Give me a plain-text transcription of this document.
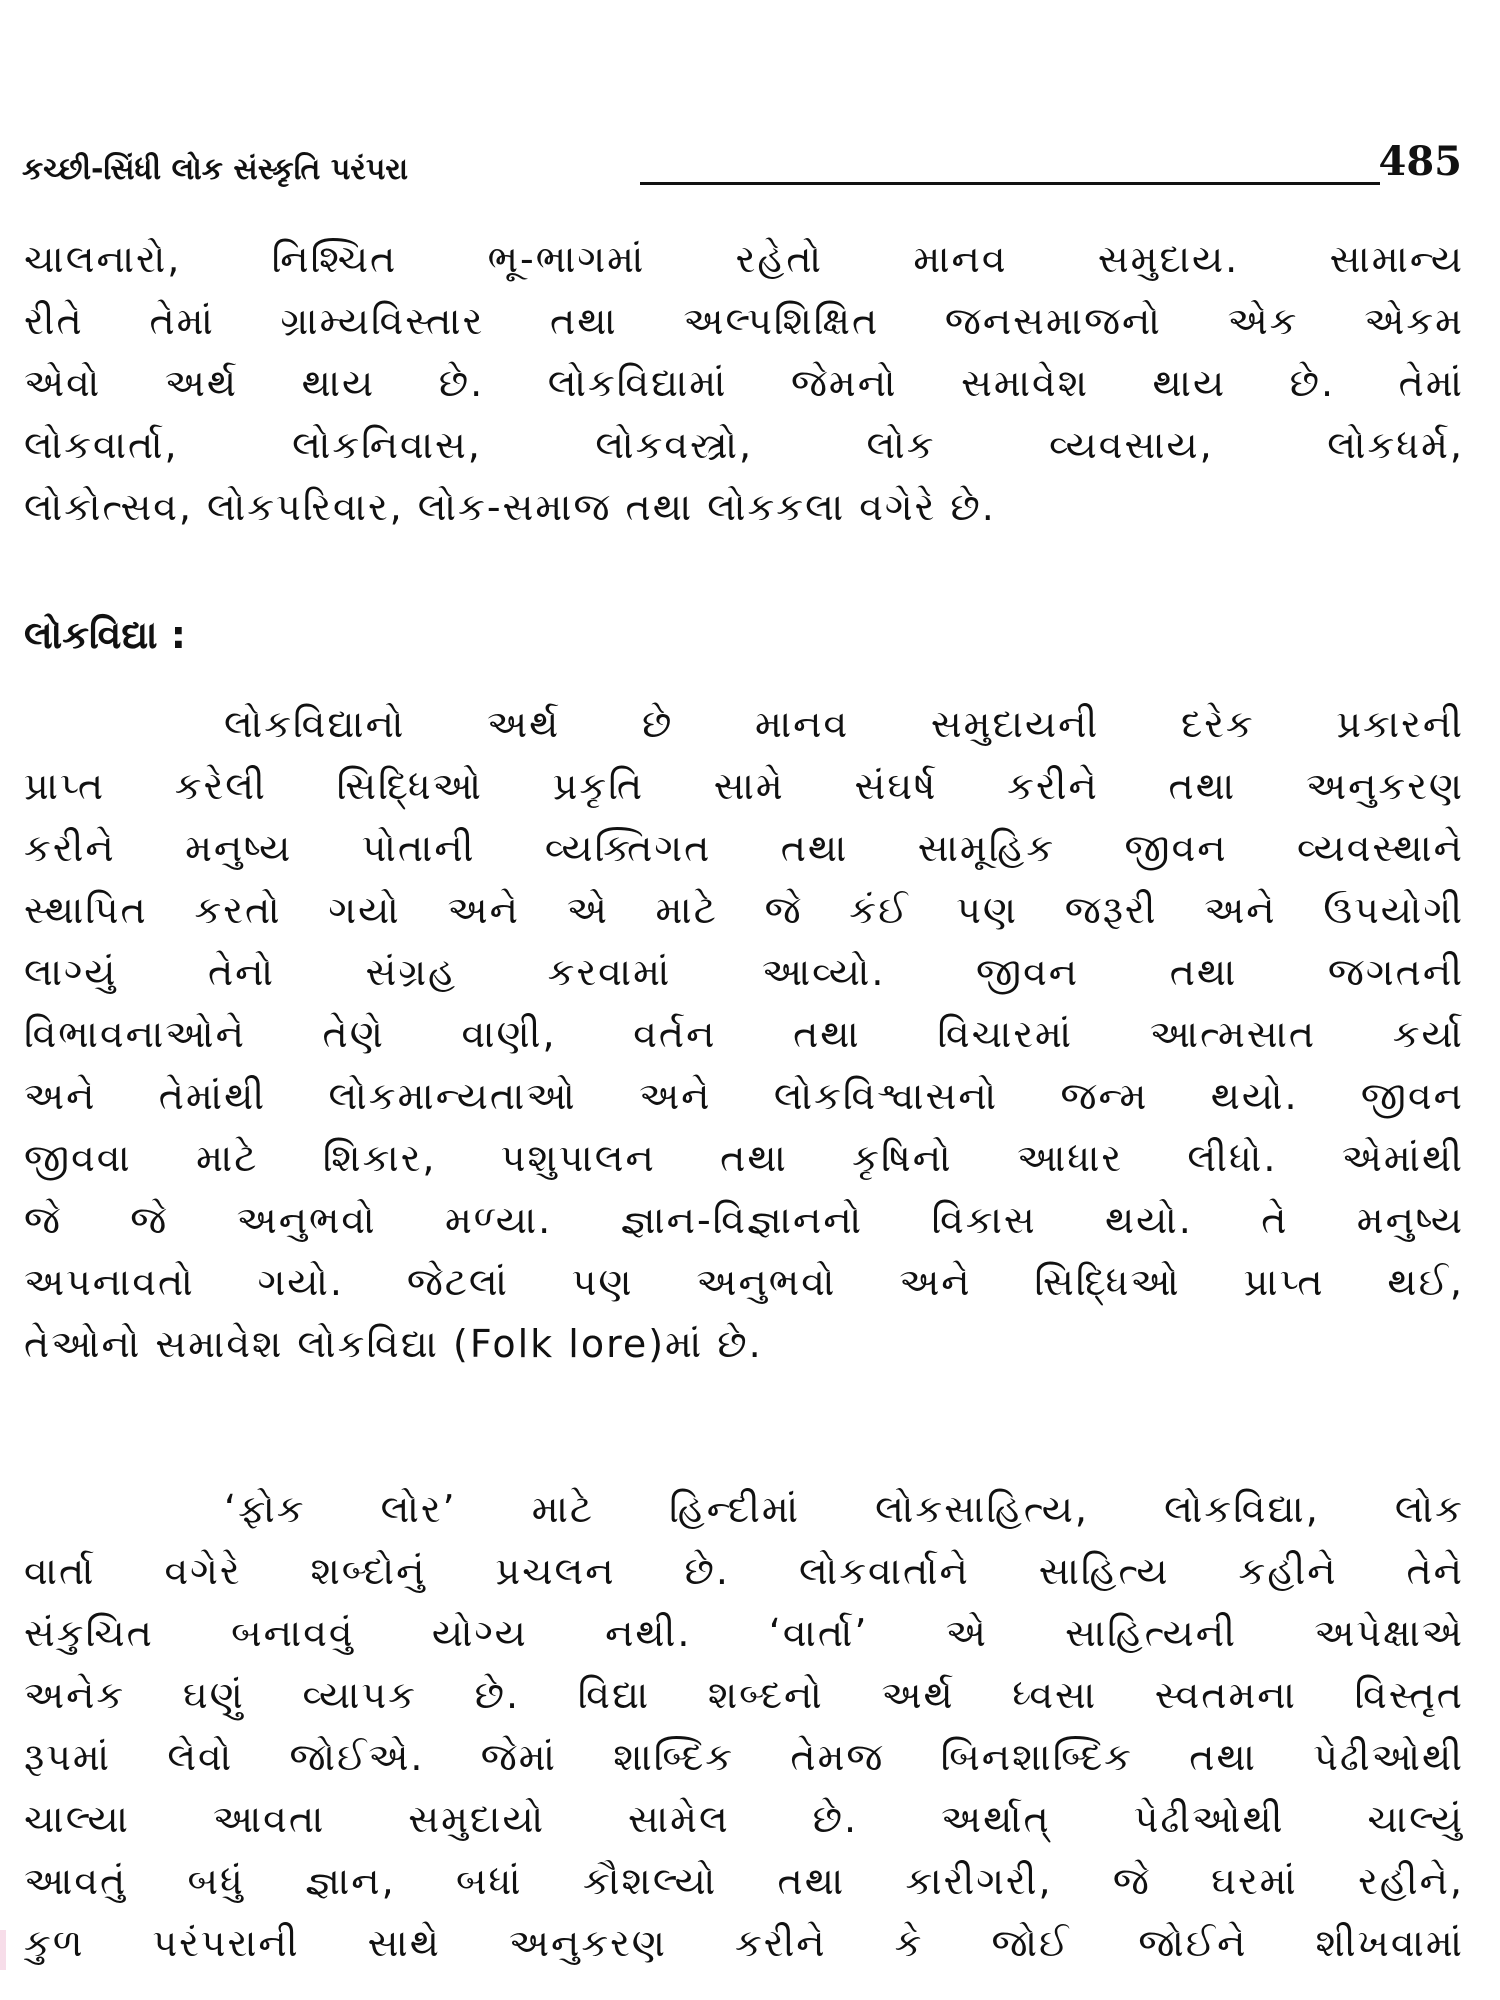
કચ્છી-સિંધી લોક સંસ્કૃતિ પરંપરા	485
ચાલનારો, નિશ્ચિત ભૂ-ભાગમાં રહેતો માનવ સમુદાય. સામાન્ય
રીતે તેમાં ગ્રામ્યવિસ્તાર તથા અલ્પશિક્ષિત જનસમાજનો એક એકમ
એવો અર્થ થાય છે. લોકવિદ્યામાં જેમનો સમાવેશ થાય છે. તેમાં
લોકવાર્તા, લોકનિવાસ, લોકવસ્ત્રો, લોક વ્યવસાય, લોકધર્મ,
લોકોત્સવ, લોકપરિવાર, લોક-સમાજ તથા લોકકલા વગેરે છે.
લોકવિદ્યા :
લોકવિદ્યાનો અર્થ છે માનવ સમુદાયની દરેક પ્રકારની
પ્રાપ્ત કરેલી સિદ્ધિઓ પ્રકૃતિ સામે સંઘર્ષ કરીને તથા અનુકરણ
કરીને મનુષ્ય પોતાની વ્યક્તિગત તથા સામૂહિક જીવન વ્યવસ્થાને
સ્થાપિત કરતો ગયો અને એ માટે જે કંઈ પણ જરૂરી અને ઉપયોગી
લાગ્યું તેનો સંગ્રહ કરવામાં આવ્યો. જીવન તથા જગતની
વિભાવનાઓને તેણે વાણી, વર્તન તથા વિચારમાં આત્મસાત કર્યા
અને તેમાંથી લોકમાન્યતાઓ અને લોકવિશ્વાસનો જન્મ થયો. જીવન
જીવવા માટે શિકાર, પશુપાલન તથા કૃષિનો આધાર લીધો. એમાંથી
જે જે અનુભવો મળ્યા. જ્ઞાન-વિજ્ઞાનનો વિકાસ થયો. તે મનુષ્ય
અપનાવતો ગયો. જેટલાં પણ અનુભવો અને સિદ્ધિઓ પ્રાપ્ત થઈ,
તેઓનો સમાવેશ લોકવિદ્યા (Folk lore)માં છે.
‘ફોક લોર’ માટે હિન્દીમાં લોકસાહિત્ય, લોકવિદ્યા, લોક
વાર્તા વગેરે શબ્દોનું પ્રચલન છે. લોકવાર્તાને સાહિત્ય કહીને તેને
સંકુચિત બનાવવું યોગ્ય નથી. ‘વાર્તા’ એ સાહિત્યની અપેક્ષાએ
અનેક ઘણું વ્યાપક છે. વિદ્યા શબ્દનો અર્થ ધ્વસા સ્વતમના વિસ્તૃત
રૂપમાં લેવો જોઈએ. જેમાં શાબ્દિક તેમજ બિનશાબ્દિક તથા પેઢીઓથી
ચાલ્યા આવતા સમુદાયો સામેલ છે. અર્થાત્ પેઢીઓથી ચાલ્યું
આવતું બધું જ્ઞાન, બધાં કૌશલ્યો તથા કારીગરી, જે ઘરમાં રહીને,
કુળ પરંપરાની સાથે અનુકરણ કરીને કે જોઈ જોઈને શીખવામાં
